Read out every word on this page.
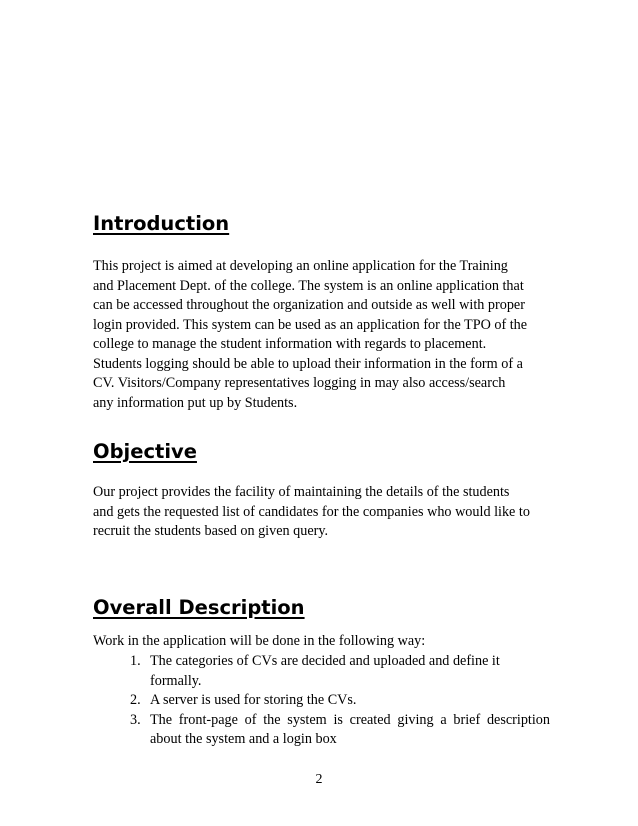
Introduction
This project is aimed at developing an online application for the Training
and Placement Dept. of the college. The system is an online application that
can be accessed throughout the organization and outside as well with proper
login provided. This system can be used as an application for the TPO of the
college to manage the student information with regards to placement.
Students logging should be able to upload their information in the form of a
CV. Visitors/Company representatives logging in may also access/search
any information put up by Students.
Objective
Our project provides the facility of maintaining the details of the students
and gets the requested list of candidates for the companies who would like to
recruit the students based on given query.
Overall Description
Work in the application will be done in the following way:
1. The categories of CVs are decided and uploaded and define it
formally.
2. A server is used for storing the CVs.
3. The front-page of the system is created giving a brief description
about the system and a login box
2
